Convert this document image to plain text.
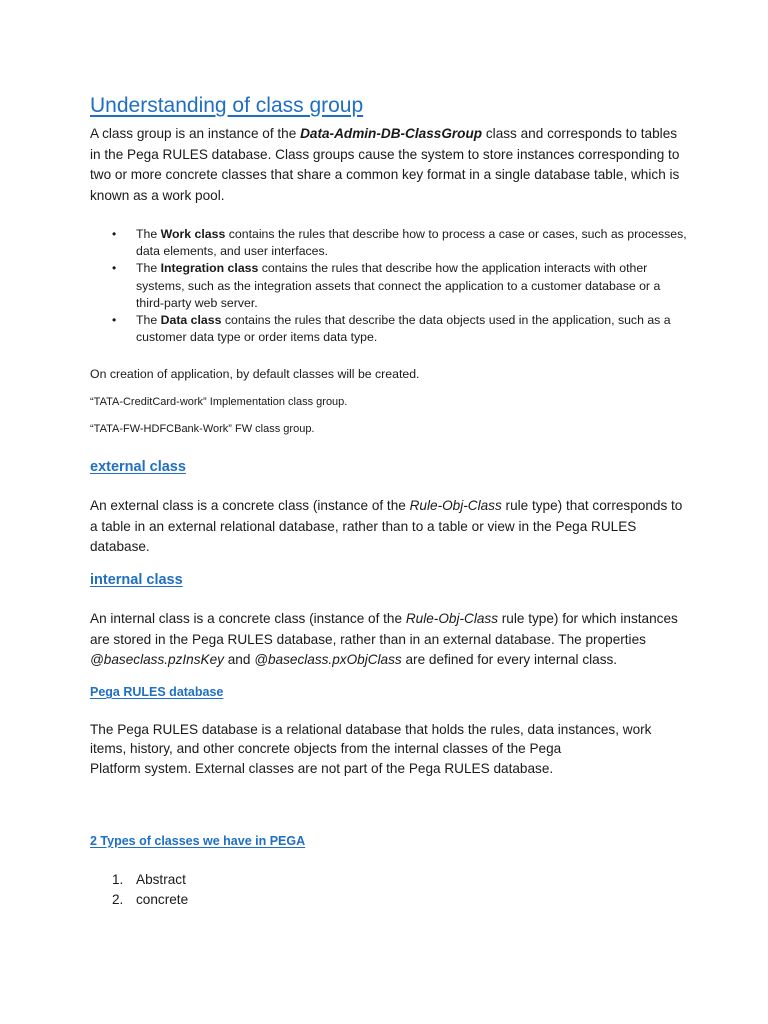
Understanding of class group

A class group is an instance of the Data-Admin-DB-ClassGroup class and corresponds to tables in the Pega RULES database. Class groups cause the system to store instances corresponding to two or more concrete classes that share a common key format in a single database table, which is known as a work pool.

• The Work class contains the rules that describe how to process a case or cases, such as processes, data elements, and user interfaces.
• The Integration class contains the rules that describe how the application interacts with other systems, such as the integration assets that connect the application to a customer database or a third-party web server.
• The Data class contains the rules that describe the data objects used in the application, such as a customer data type or order items data type.

On creation of application, by default classes will be created.

“TATA-CreditCard-work” Implementation class group.

“TATA-FW-HDFCBank-Work” FW class group.

external class

An external class is a concrete class (instance of the Rule-Obj-Class rule type) that corresponds to a table in an external relational database, rather than to a table or view in the Pega RULES database.

internal class

An internal class is a concrete class (instance of the Rule-Obj-Class rule type) for which instances are stored in the Pega RULES database, rather than in an external database. The properties @baseclass.pzInsKey and @baseclass.pxObjClass are defined for every internal class.

Pega RULES database

The Pega RULES database is a relational database that holds the rules, data instances, work

items, history, and other concrete objects from the internal classes of the Pega

Platform system. External classes are not part of the Pega RULES database.

2 Types of classes we have in PEGA
1. Abstract
2. concrete
